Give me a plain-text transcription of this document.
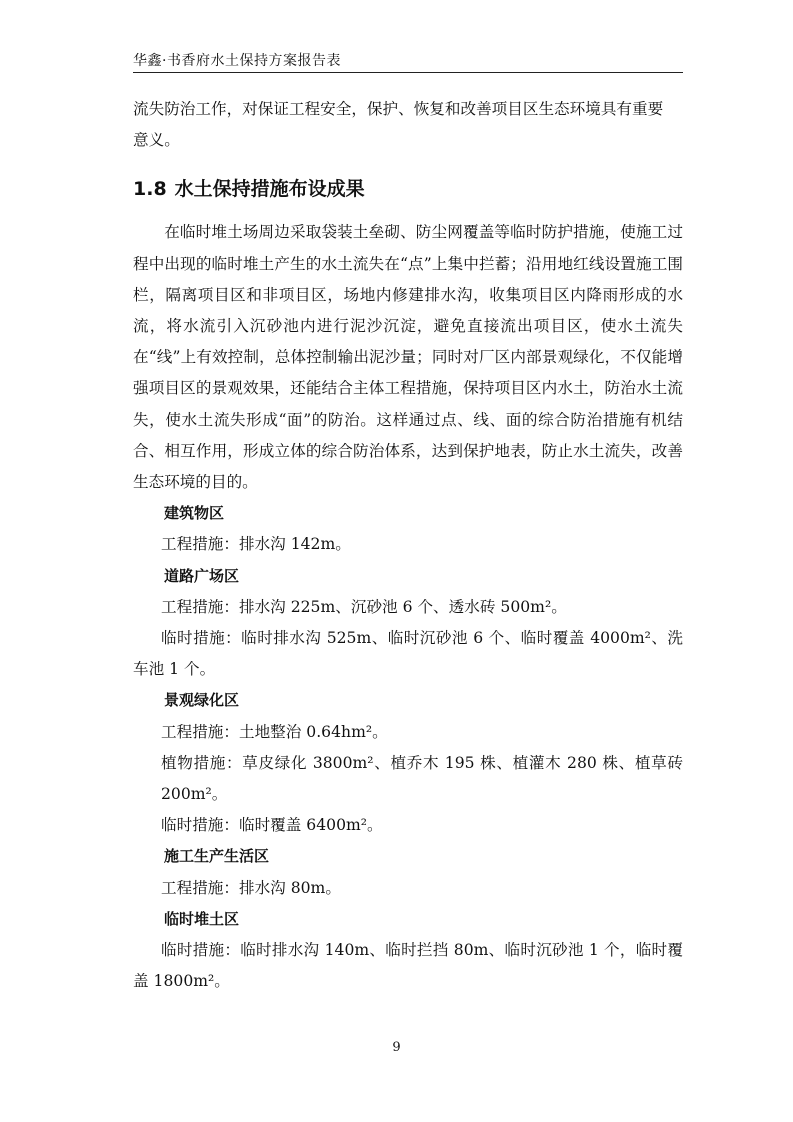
华鑫·书香府水土保持方案报告表

流失防治工作，对保证工程安全，保护、恢复和改善项目区生态环境具有重要

意义。

1.8 水土保持措施布设成果

在临时堆土场周边采取袋装土垒砌、防尘网覆盖等临时防护措施，使施工过程中出现的临时堆土产生的水土流失在“点”上集中拦蓄；沿用地红线设置施工围栏，隔离项目区和非项目区，场地内修建排水沟，收集项目区内降雨形成的水流，将水流引入沉砂池内进行泥沙沉淀，避免直接流出项目区，使水土流失在“线”上有效控制，总体控制输出泥沙量；同时对厂区内部景观绿化，不仅能增强项目区的景观效果，还能结合主体工程措施，保持项目区内水土，防治水土流失，使水土流失形成“面”的防治。这样通过点、线、面的综合防治措施有机结合、相互作用，形成立体的综合防治体系，达到保护地表，防止水土流失，改善生态环境的目的。

建筑物区

工程措施：排水沟 142m。

道路广场区

工程措施：排水沟 225m、沉砂池 6 个、透水砖 500m²。

临时措施：临时排水沟 525m、临时沉砂池 6 个、临时覆盖 4000m²、洗车池 1 个。

景观绿化区

工程措施：土地整治 0.64hm²。

植物措施：草皮绿化 3800m²、植乔木 195 株、植灌木 280 株、植草砖 200m²。

临时措施：临时覆盖 6400m²。

施工生产生活区

工程措施：排水沟 80m。

临时堆土区

临时措施：临时排水沟 140m、临时拦挡 80m、临时沉砂池 1 个，临时覆盖 1800m²。

9
